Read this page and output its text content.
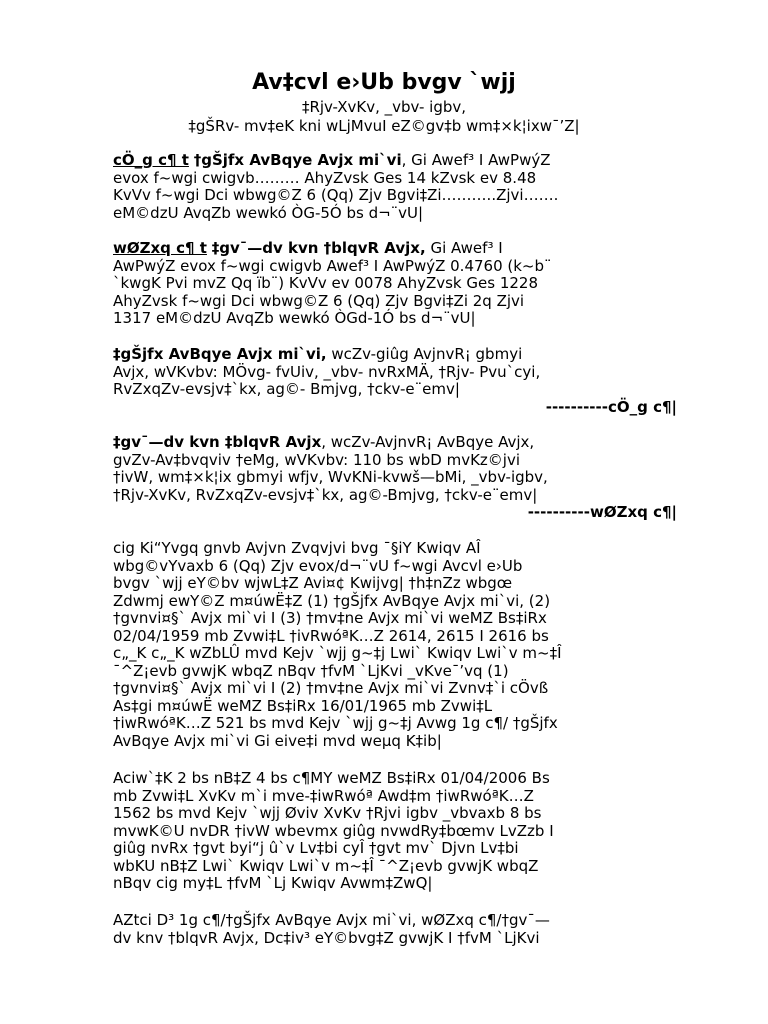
Av‡cvl e›Ub bvgv `wjj
‡Rjv-XvKv, _vbv- igbv,
‡gŠRv- mv‡eK kni wLjMvuI eZ©gv‡b wm‡×k¦ixw¯’Z|
cÖ_g c¶ t †gŠjfx AvBqye Avjx mi`vi, Gi Awef³ I AwPwýZ
evox f~wgi cwigvb……… AhyZvsk Ges 14 kZvsk ev 8.48
KvVv f~wgi Dci wbwg©Z 6 (Qq) Zjv Bgvi‡Zi………..Zjvi…….
eM©dzU AvqZb wewkó ÒG-5Ó bs d¬¨vU|
wØZxq c¶ t ‡gv¯—dv kvn †blqvR Avjx, Gi Awef³ I
AwPwýZ evox f~wgi cwigvb Awef³ I AwPwýZ 0.4760 (k~b¨
`kwgK Pvi mvZ Qq ïb¨) KvVv ev 0078 AhyZvsk Ges 1228
AhyZvsk f~wgi Dci wbwg©Z 6 (Qq) Zjv Bgvi‡Zi 2q Zjvi
1317 eM©dzU AvqZb wewkó ÒGd-1Ó bs d¬¨vU|
‡gŠjfx AvBqye Avjx mi`vi, wcZv-giûg AvjnvR¡ gbmyi
Avjx, wVKvbv: MÖvg- fvUiv, _vbv- nvRxMÄ, †Rjv- Pvu`cyi,
RvZxqZv-evsjv‡`kx, ag©- Bmjvg, †ckv-e¨emv|
----------cÖ_g c¶|
‡gv¯—dv kvn ‡blqvR Avjx, wcZv-AvjnvR¡ AvBqye Avjx,
gvZv-Av‡bvqviv †eMg, wVKvbv: 110 bs wbD mvKz©jvi
†ivW, wm‡×k¦ix gbmyi wfjv, WvKNi-kvwš—bMi, _vbv-igbv,
†Rjv-XvKv, RvZxqZv-evsjv‡`kx, ag©-Bmjvg, †ckv-e¨emv|
----------wØZxq c¶|
cig Ki“Yvgq gnvb Avjvn Zvqvjvi bvg ¯§iY Kwiqv AÎ
wbg©vYvaxb 6 (Qq) Zjv evox/d¬¨vU f~wgi Avcvl e›Ub
bvgv `wjj eY©bv wjwL‡Z Avi¤¢ Kwijvg| †h‡nZz wbgœ
Zdwmj ewY©Z m¤úwË‡Z (1) †gŠjfx AvBqye Avjx mi`vi, (2)
†gvnvi¤§` Avjx mi`vi I (3) †mv‡ne Avjx mi`vi weMZ Bs‡iRx
02/04/1959 mb Zvwi‡L †ivRwóªK…Z 2614, 2615 I 2616 bs
c„_K c„_K wZbLÛ mvd Kejv `wjj g~‡j Lwi` Kwiqv Lwi`v m~‡Î
¯^Z¡evb gvwjK wbqZ nBqv †fvM `LjKvi _vKve¯’vq (1)
†gvnvi¤§` Avjx mi`vi I (2) †mv‡ne Avjx mi`vi Zvnv‡`i cÖvß
As‡gi m¤úwË weMZ Bs‡iRx 16/01/1965 mb Zvwi‡L
†iwRwóªK…Z 521 bs mvd Kejv `wjj g~‡j Avwg 1g c¶/ †gŠjfx
AvBqye Avjx mi`vi Gi eive‡i mvd weµq K‡ib|
Aciw`‡K 2 bs nB‡Z 4 bs c¶MY weMZ Bs‡iRx 01/04/2006 Bs
mb Zvwi‡L XvKv m`i mve-‡iwRwóª Awd‡m †iwRwóªK…Z
1562 bs mvd Kejv `wjj Øviv XvKv †Rjvi igbv _vbvaxb 8 bs
mvwK©U nvDR †ivW wbevmx giûg nvwdRy‡bœmv LvZzb I
giûg nvRx †gvt byi“j û`v Lv‡bi cyÎ †gvt mv` Djvn Lv‡bi
wbKU nB‡Z Lwi` Kwiqv Lwi`v m~‡Î ¯^Z¡evb gvwjK wbqZ
nBqv cig my‡L †fvM `Lj Kwiqv Avwm‡ZwQ|
AZtci D³ 1g c¶/†gŠjfx AvBqye Avjx mi`vi, wØZxq c¶/†gv¯—
dv knv †blqvR Avjx, Dc‡iv³ eY©bvg‡Z gvwjK I †fvM `LjKvi
